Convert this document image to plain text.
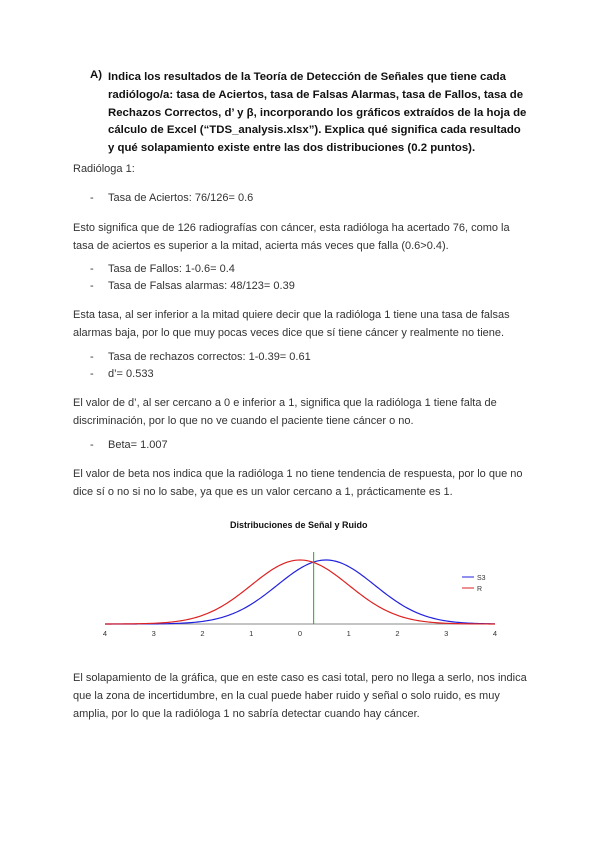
A) Indica los resultados de la Teoría de Detección de Señales que tiene cada radiólogo/a: tasa de Aciertos, tasa de Falsas Alarmas, tasa de Fallos, tasa de Rechazos Correctos, d’ y β, incorporando los gráficos extraídos de la hoja de cálculo de Excel (“TDS_analysis.xlsx”). Explica qué significa cada resultado y qué solapamiento existe entre las dos distribuciones (0.2 puntos).
Radióloga 1:
- Tasa de Aciertos: 76/126= 0.6
Esto significa que de 126 radiografías con cáncer, esta radióloga ha acertado 76, como la tasa de aciertos es superior a la mitad, acierta más veces que falla (0.6>0.4).
- Tasa de Fallos: 1-0.6= 0.4
- Tasa de Falsas alarmas: 48/123= 0.39
Esta tasa, al ser inferior a la mitad quiere decir que la radióloga 1 tiene una tasa de falsas alarmas baja, por lo que muy pocas veces dice que sí tiene cáncer y realmente no tiene.
- Tasa de rechazos correctos: 1-0.39= 0.61
- d’= 0.533
El valor de d’, al ser cercano a 0 e inferior a 1, significa que la radióloga 1 tiene falta de discriminación, por lo que no ve cuando el paciente tiene cáncer o no.
- Beta= 1.007
El valor de beta nos indica que la radióloga 1 no tiene tendencia de respuesta, por lo que no dice sí o no si no lo sabe, ya que es un valor cercano a 1, prácticamente es 1.
Distribuciones de Señal y Ruido
4	3	2	1	0	1	2	3	4
S3
R
El solapamiento de la gráfica, que en este caso es casi total, pero no llega a serlo, nos indica que la zona de incertidumbre, en la cual puede haber ruido y señal o solo ruido, es muy amplia, por lo que la radióloga 1 no sabría detectar cuando hay cáncer.
